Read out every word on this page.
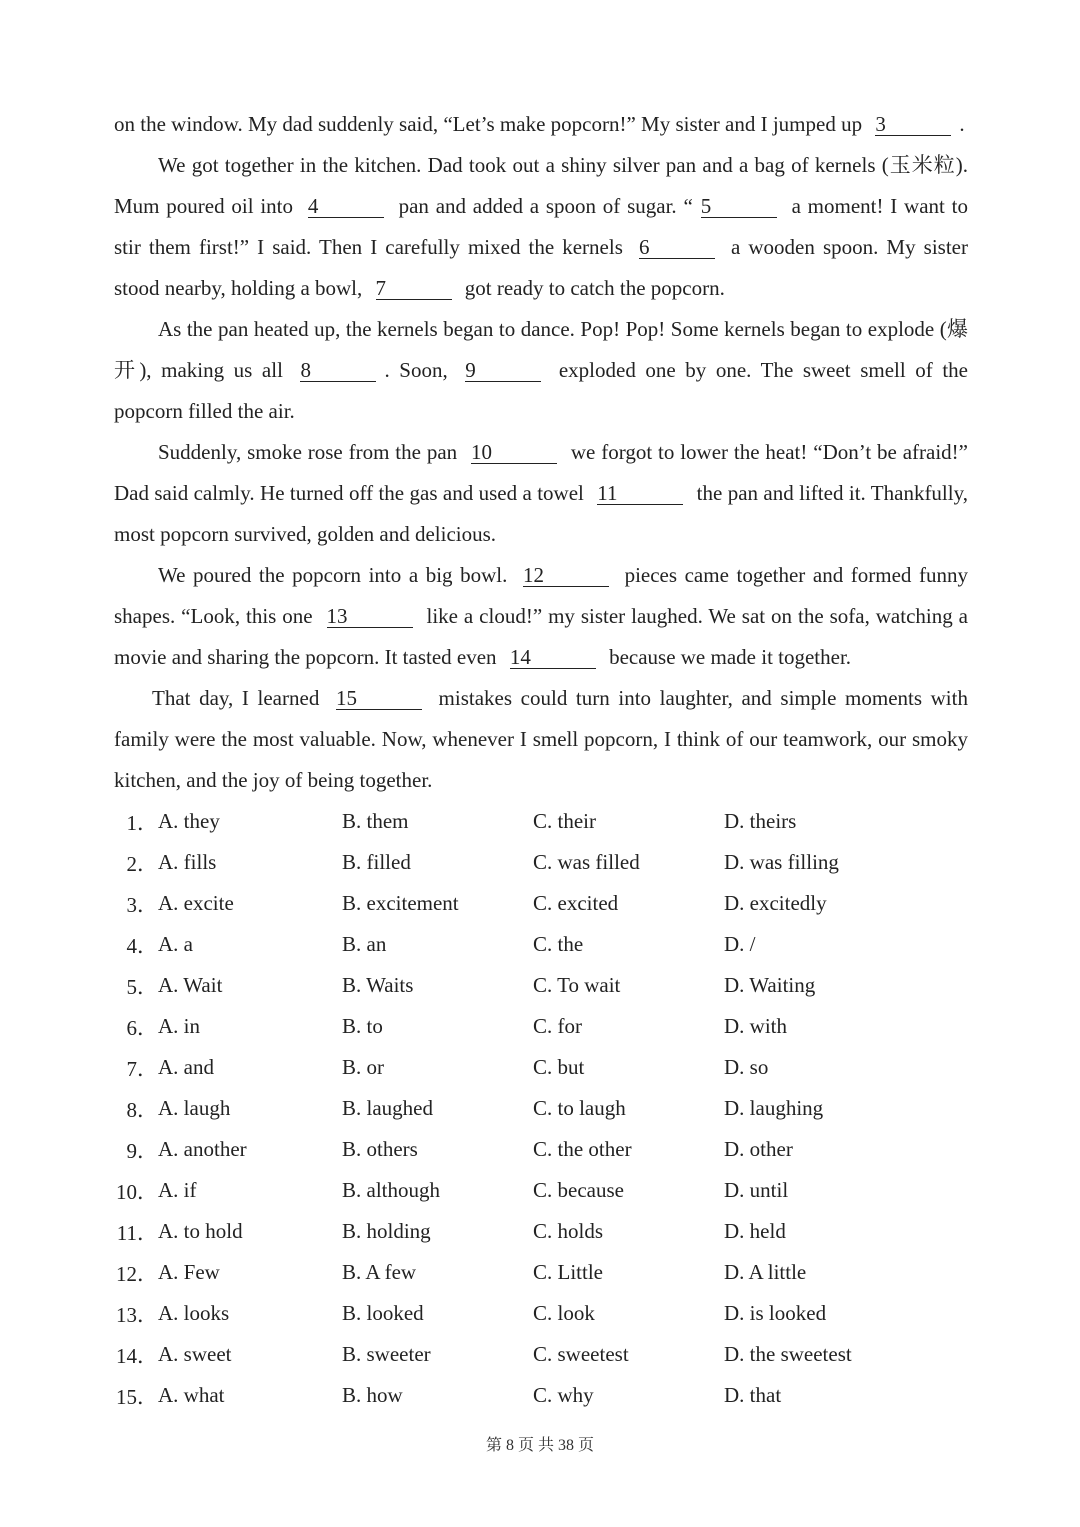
on the window. My dad suddenly said, “Let’s make popcorn!” My sister and I jumped up 3	.

We got together in the kitchen. Dad took out a shiny silver pan and a bag of kernels (玉米粒). Mum poured oil into 4	pan and added a spoon of sugar. “ 5	a moment! I want to stir them first!” I said. Then I carefully mixed the kernels 6	a wooden spoon. My sister stood nearby, holding a bowl, 7	got ready to catch the popcorn.

As the pan heated up, the kernels began to dance. Pop! Pop! Some kernels began to explode (爆开), making us all 8	. Soon, 9	exploded one by one. The sweet smell of the popcorn filled the air.

Suddenly, smoke rose from the pan 10	we forgot to lower the heat! “Don’t be afraid!” Dad said calmly. He turned off the gas and used a towel 11	the pan and lifted it. Thankfully, most popcorn survived, golden and delicious.

We poured the popcorn into a big bowl. 12	pieces came together and formed funny shapes. “Look, this one 13	like a cloud!” my sister laughed. We sat on the sofa, watching a movie and sharing the popcorn. It tasted even 14	because we made it together.

That day, I learned 15	mistakes could turn into laughter, and simple moments with family were the most valuable. Now, whenever I smell popcorn, I think of our teamwork, our smoky kitchen, and the joy of being together.

1． A. they	B. them	C. their	D. theirs
2． A. fills	B. filled	C. was filled	D. was filling
3． A. excite	B. excitement	C. excited	D. excitedly
4． A. a	B. an	C. the	D. /
5． A. Wait	B. Waits	C. To wait	D. Waiting
6． A. in	B. to	C. for	D. with
7． A. and	B. or	C. but	D. so
8． A. laugh	B. laughed	C. to laugh	D. laughing
9． A. another	B. others	C. the other	D. other
10． A. if	B. although	C. because	D. until
11． A. to hold	B. holding	C. holds	D. held
12． A. Few	B. A few	C. Little	D. A little
13． A. looks	B. looked	C. look	D. is looked
14． A. sweet	B. sweeter	C. sweetest	D. the sweetest
15． A. what	B. how	C. why	D. that
第 8 页 共 38 页
